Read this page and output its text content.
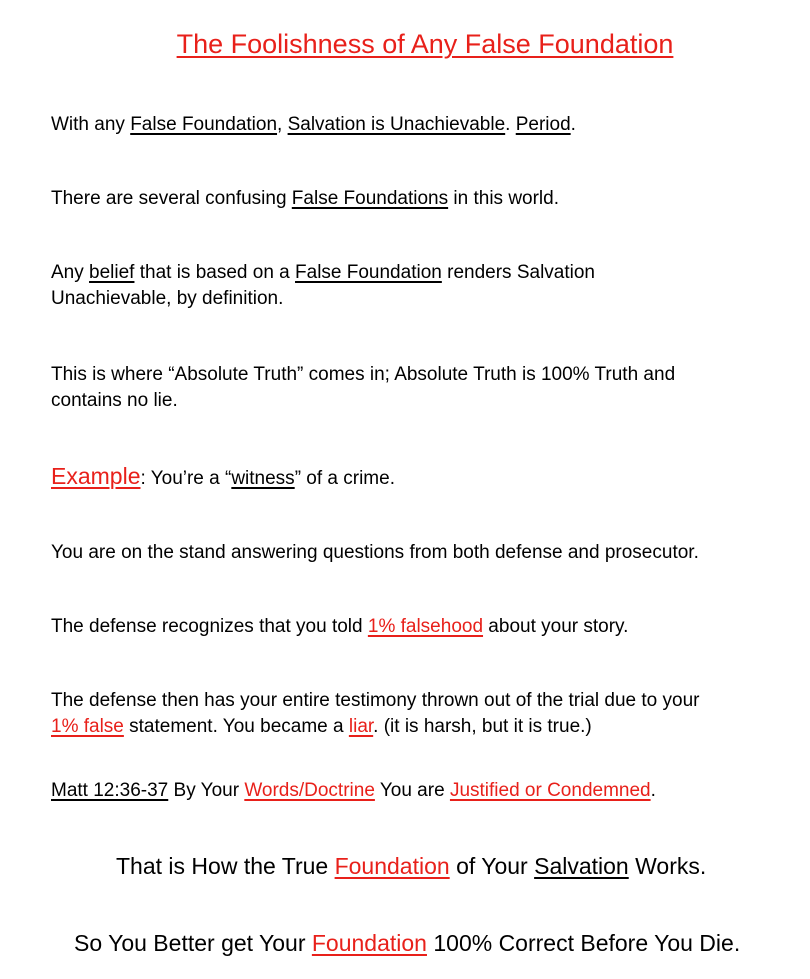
The Foolishness of Any False Foundation
With any False Foundation, Salvation is Unachievable. Period.
There are several confusing False Foundations in this world.
Any belief that is based on a False Foundation renders Salvation
Unachievable, by definition.
This is where “Absolute Truth” comes in; Absolute Truth is 100% Truth and
contains no lie.
Example: You’re a “witness” of a crime.
You are on the stand answering questions from both defense and prosecutor.
The defense recognizes that you told 1% falsehood about your story.
The defense then has your entire testimony thrown out of the trial due to your
1% false statement. You became a liar. (it is harsh, but it is true.)
Matt 12:36-37 By Your Words/Doctrine You are Justified or Condemned.
That is How the True Foundation of Your Salvation Works.
So You Better get Your Foundation 100% Correct Before You Die.
